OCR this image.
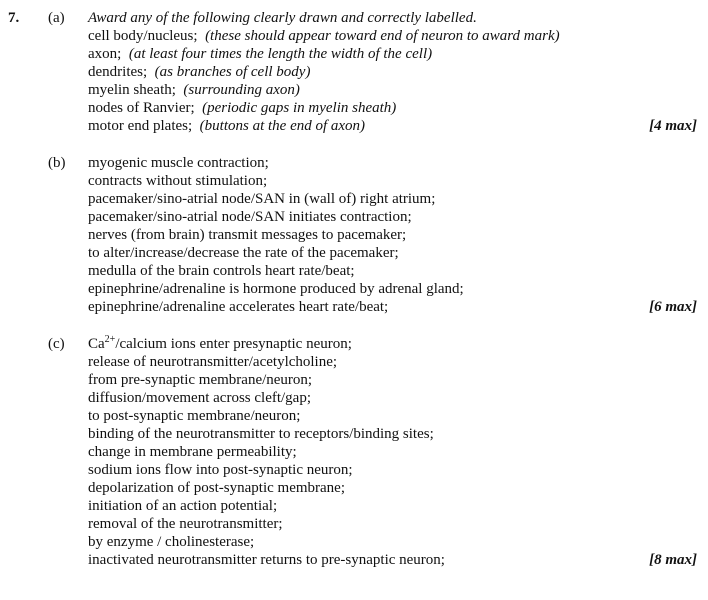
7. (a) Award any of the following clearly drawn and correctly labelled.
cell body/nucleus;  (these should appear toward end of neuron to award mark)
axon;  (at least four times the length the width of the cell)
dendrites;  (as branches of cell body)
myelin sheath;  (surrounding axon)
nodes of Ranvier;  (periodic gaps in myelin sheath)
motor end plates;  (buttons at the end of axon)	[4 max]
(b) myogenic muscle contraction;
contracts without stimulation;
pacemaker/sino-atrial node/SAN in (wall of) right atrium;
pacemaker/sino-atrial node/SAN initiates contraction;
nerves (from brain) transmit messages to pacemaker;
to alter/increase/decrease the rate of the pacemaker;
medulla of the brain controls heart rate/beat;
epinephrine/adrenaline is hormone produced by adrenal gland;
epinephrine/adrenaline accelerates heart rate/beat;	[6 max]
(c) $Ca^{2+}$/calcium ions enter presynaptic neuron;
release of neurotransmitter/acetylcholine;
from pre-synaptic membrane/neuron;
diffusion/movement across cleft/gap;
to post-synaptic membrane/neuron;
binding of the neurotransmitter to receptors/binding sites;
change in membrane permeability;
sodium ions flow into post-synaptic neuron;
depolarization of post-synaptic membrane;
initiation of an action potential;
removal of the neurotransmitter;
by enzyme / cholinesterase;
inactivated neurotransmitter returns to pre-synaptic neuron;	[8 max]
